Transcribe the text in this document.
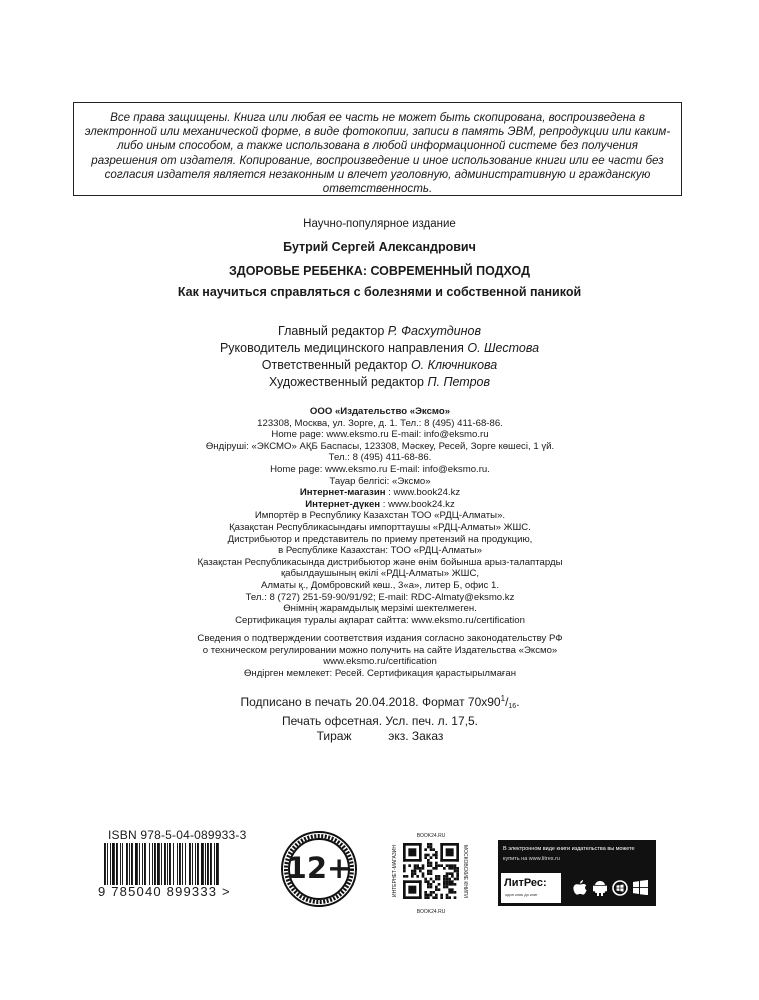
Все права защищены. Книга или любая ее часть не может быть скопирована, воспроизведена в электронной или механической форме, в виде фотокопии, записи в память ЭВМ, репродукции или каким-либо иным способом, а также использована в любой информационной системе без получения разрешения от издателя. Копирование, воспроизведение и иное использование книги или ее части без согласия издателя является незаконным и влечет уголовную, административную и гражданскую ответственность.
Научно-популярное издание
Бутрий Сергей Александрович
ЗДОРОВЬЕ РЕБЕНКА: СОВРЕМЕННЫЙ ПОДХОД
Как научиться справляться с болезнями и собственной паникой
Главный редактор Р. Фасхутдинов
Руководитель медицинского направления О. Шестова
Ответственный редактор О. Ключникова
Художественный редактор П. Петров
ООО «Издательство «Эксмо»
123308, Москва, ул. Зорге, д. 1. Тел.: 8 (495) 411-68-86.
Home page: www.eksmo.ru E-mail: info@eksmo.ru
Өндіруші: «ЭКСМО» АҚБ Баспасы, 123308, Мәскеу, Ресей, Зорге көшесі, 1 үй.
Тел.: 8 (495) 411-68-86.
Home page: www.eksmo.ru E-mail: info@eksmo.ru.
Тауар белгісі: «Эксмо»
Интернет-магазин : www.book24.kz
Интернет-дүкен : www.book24.kz
Импортёр в Республику Казахстан ТОО «РДЦ-Алматы».
Қазақстан Республикасындағы импорттаушы «РДЦ-Алматы» ЖШС.
Дистрибьютор и представитель по приему претензий на продукцию,
в Республике Казахстан: ТОО «РДЦ-Алматы»
Қазақстан Республикасында дистрибьютор және өнім бойынша арыз-талаптарды
қабылдаушының өкілі «РДЦ-Алматы» ЖШС,
Алматы қ., Домбровский көш., 3«а», литер Б, офис 1.
Тел.: 8 (727) 251-59-90/91/92; E-mail: RDC-Almaty@eksmo.kz
Өнімнің жарамдылық мерзімі шектелмеген.
Сертификация туралы ақпарат сайтта: www.eksmo.ru/certification
Сведения о подтверждении соответствия издания согласно законодательству РФ
о техническом регулировании можно получить на сайте Издательства «Эксмо»
www.eksmo.ru/certification
Өндірген мемлекет: Ресей. Сертификация қарастырылмаған
Подписано в печать 20.04.2018. Формат $70х90^1/_{16}$.
Печать офсетная. Усл. печ. л. 17,5.
Тираж	экз. Заказ
ISBN 978-5-04-089933-3
9 785040 899333 >
12+
BOOK24.RU
ИНТЕРНЕТ-МАГАЗИН	МОСКОВСКИЕ КНИГИ
BOOK24.RU
В электронном виде книги издательства вы можете
купить на www.litres.ru
ЛитРес:
один клик до книг
